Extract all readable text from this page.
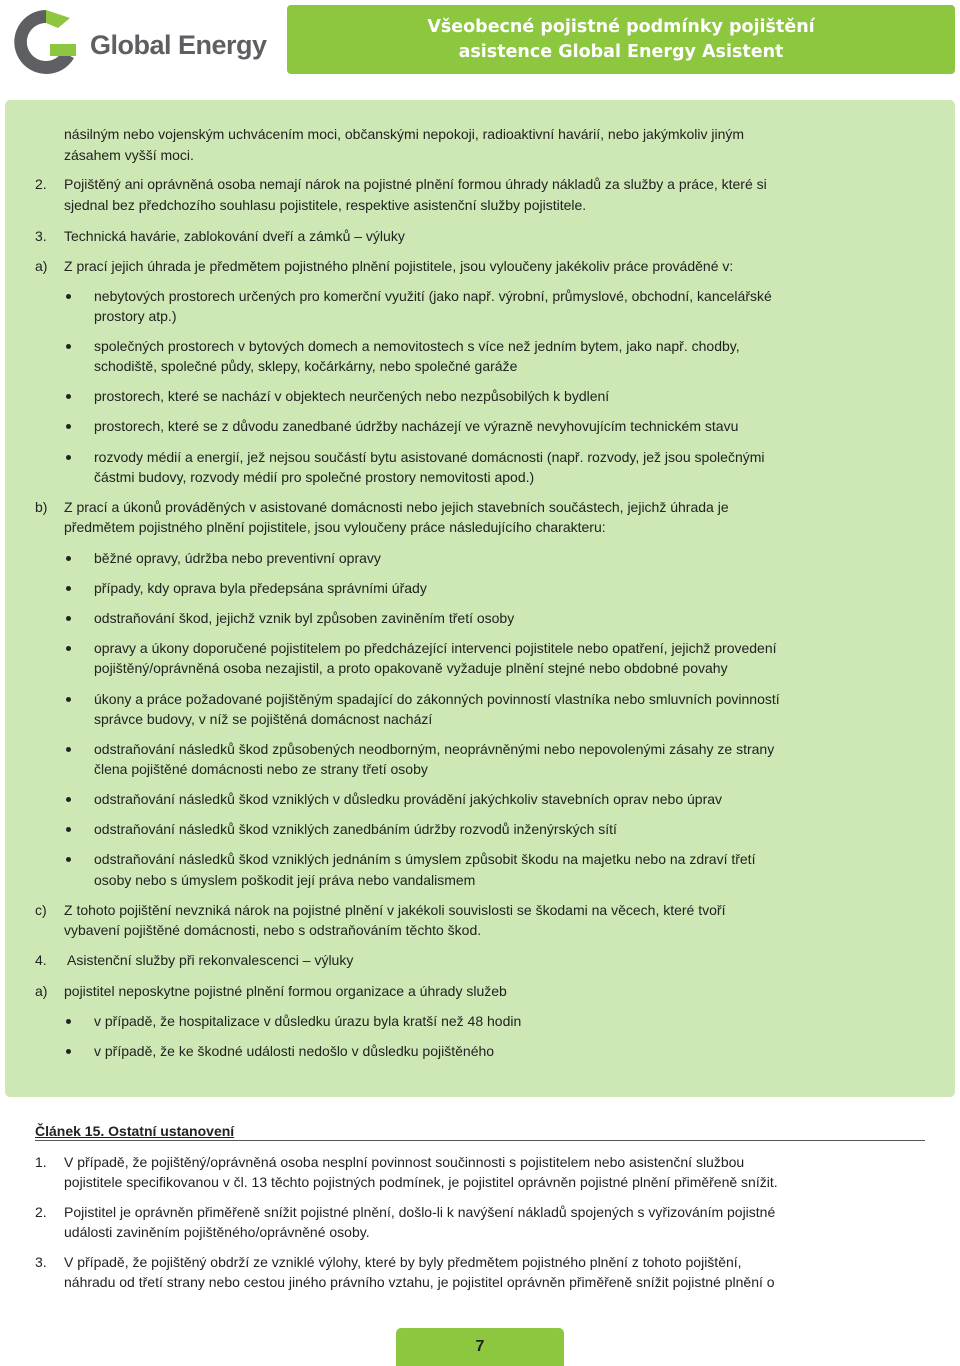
Global Energy
Všeobecné pojistné podmínky pojištění
asistence Global Energy Asistent
násilným nebo vojenským uchvácením moci, občanskými nepokoji, radioaktivní havárií, nebo jakýmkoliv jiným
zásahem vyšší moci.
2. Pojištěný ani oprávněná osoba nemají nárok na pojistné plnění formou úhrady nákladů za služby a práce, které si
sjednal bez předchozího souhlasu pojistitele, respektive asistenční služby pojistitele.
3. Technická havárie, zablokování dveří a zámků – výluky
a) Z prací jejich úhrada je předmětem pojistného plnění pojistitele, jsou vyloučeny jakékoliv práce prováděné v:
nebytových prostorech určených pro komerční využití (jako např. výrobní, průmyslové, obchodní, kancelářské
prostory atp.)
společných prostorech v bytových domech a nemovitostech s více než jedním bytem, jako např. chodby,
schodiště, společné půdy, sklepy, kočárkárny, nebo společné garáže
prostorech, které se nachází v objektech neurčených nebo nezpůsobilých k bydlení
prostorech, které se z důvodu zanedbané údržby nacházejí ve výrazně nevyhovujícím technickém stavu
rozvody médií a energií, jež nejsou součástí bytu asistované domácnosti (např. rozvody, jež jsou společnými
částmi budovy, rozvody médií pro společné prostory nemovitosti apod.)
b) Z prací a úkonů prováděných v asistované domácnosti nebo jejich stavebních součástech, jejichž úhrada je
předmětem pojistného plnění pojistitele, jsou vyloučeny práce následujícího charakteru:
běžné opravy, údržba nebo preventivní opravy
případy, kdy oprava byla předepsána správními úřady
odstraňování škod, jejichž vznik byl způsoben zaviněním třetí osoby
opravy a úkony doporučené pojistitelem po předcházející intervenci pojistitele nebo opatření, jejichž provedení
pojištěný/oprávněná osoba nezajistil, a proto opakovaně vyžaduje plnění stejné nebo obdobné povahy
úkony a práce požadované pojištěným spadající do zákonných povinností vlastníka nebo smluvních povinností
správce budovy, v níž se pojištěná domácnost nachází
odstraňování následků škod způsobených neodborným, neoprávněnými nebo nepovolenými zásahy ze strany
člena pojištěné domácnosti nebo ze strany třetí osoby
odstraňování následků škod vzniklých v důsledku provádění jakýchkoliv stavebních oprav nebo úprav
odstraňování následků škod vzniklých zanedbáním údržby rozvodů inženýrských sítí
odstraňování následků škod vzniklých jednáním s úmyslem způsobit škodu na majetku nebo na zdraví třetí
osoby nebo s úmyslem poškodit její práva nebo vandalismem
c) Z tohoto pojištění nevzniká nárok na pojistné plnění v jakékoli souvislosti se škodami na věcech, které tvoří
vybavení pojištěné domácnosti, nebo s odstraňováním těchto škod.
4. Asistenční služby při rekonvalescenci – výluky
a) pojistitel neposkytne pojistné plnění formou organizace a úhrady služeb
v případě, že hospitalizace v důsledku úrazu byla kratší než 48 hodin
v případě, že ke škodné události nedošlo v důsledku pojištěného
Článek 15. Ostatní ustanovení
1. V případě, že pojištěný/oprávněná osoba nesplní povinnost součinnosti s pojistitelem nebo asistenční službou
pojistitele specifikovanou v čl. 13 těchto pojistných podmínek, je pojistitel oprávněn pojistné plnění přiměřeně snížit.
2. Pojistitel je oprávněn přiměřeně snížit pojistné plnění, došlo-li k navýšení nákladů spojených s vyřizováním pojistné
události zaviněním pojištěného/oprávněné osoby.
3. V případě, že pojištěný obdrží ze vzniklé výlohy, které by byly předmětem pojistného plnění z tohoto pojištění,
náhradu od třetí strany nebo cestou jiného právního vztahu, je pojistitel oprávněn přiměřeně snížit pojistné plnění o
7
